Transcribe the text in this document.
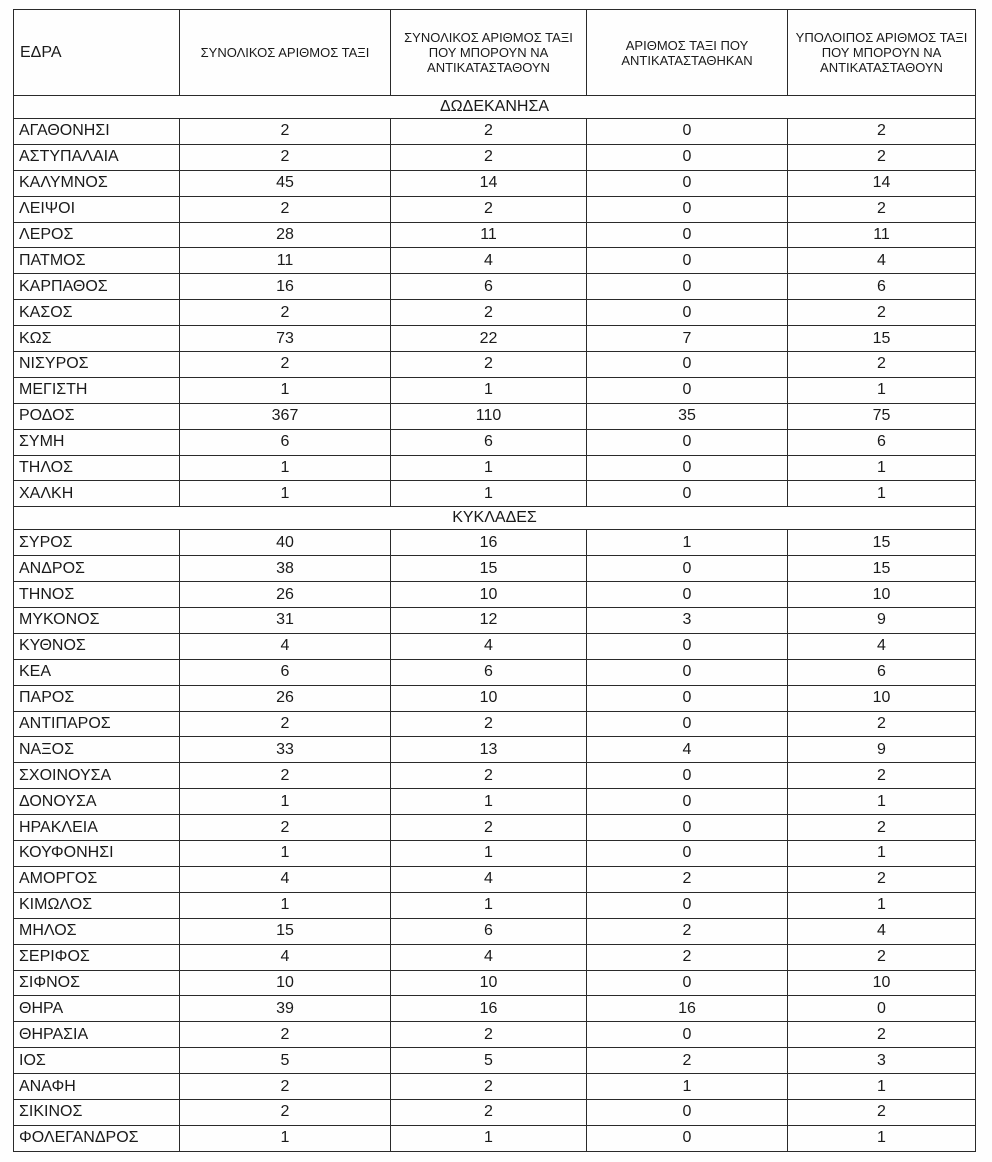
ΕΔΡΑ	ΣΥΝΟΛΙΚΟΣ ΑΡΙΘΜΟΣ ΤΑΞΙ	ΣΥΝΟΛΙΚΟΣ ΑΡΙΘΜΟΣ ΤΑΞΙ ΠΟΥ ΜΠΟΡΟΥΝ ΝΑ ΑΝΤΙΚΑΤΑΣΤΑΘΟΥΝ	ΑΡΙΘΜΟΣ ΤΑΞΙ ΠΟΥ ΑΝΤΙΚΑΤΑΣΤΑΘΗΚΑΝ	ΥΠΟΛΟΙΠΟΣ ΑΡΙΘΜΟΣ ΤΑΞΙ ΠΟΥ ΜΠΟΡΟΥΝ ΝΑ ΑΝΤΙΚΑΤΑΣΤΑΘΟΥΝ
ΔΩΔΕΚΑΝΗΣΑ				
ΑΓΑΘΟΝΗΣΙ	2	2	0	2
ΑΣΤΥΠΑΛΑΙΑ	2	2	0	2
ΚΑΛΥΜΝΟΣ	45	14	0	14
ΛΕΙΨΟΙ	2	2	0	2
ΛΕΡΟΣ	28	11	0	11
ΠΑΤΜΟΣ	11	4	0	4
ΚΑΡΠΑΘΟΣ	16	6	0	6
ΚΑΣΟΣ	2	2	0	2
ΚΩΣ	73	22	7	15
ΝΙΣΥΡΟΣ	2	2	0	2
ΜΕΓΙΣΤΗ	1	1	0	1
ΡΟΔΟΣ	367	110	35	75
ΣΥΜΗ	6	6	0	6
ΤΗΛΟΣ	1	1	0	1
ΧΑΛΚΗ	1	1	0	1
ΚΥΚΛΑΔΕΣ				
ΣΥΡΟΣ	40	16	1	15
ΑΝΔΡΟΣ	38	15	0	15
ΤΗΝΟΣ	26	10	0	10
ΜΥΚΟΝΟΣ	31	12	3	9
ΚΥΘΝΟΣ	4	4	0	4
ΚΕΑ	6	6	0	6
ΠΑΡΟΣ	26	10	0	10
ΑΝΤΙΠΑΡΟΣ	2	2	0	2
ΝΑΞΟΣ	33	13	4	9
ΣΧΟΙΝΟΥΣΑ	2	2	0	2
ΔΟΝΟΥΣΑ	1	1	0	1
ΗΡΑΚΛΕΙΑ	2	2	0	2
ΚΟΥΦΟΝΗΣΙ	1	1	0	1
ΑΜΟΡΓΟΣ	4	4	2	2
ΚΙΜΩΛΟΣ	1	1	0	1
ΜΗΛΟΣ	15	6	2	4
ΣΕΡΙΦΟΣ	4	4	2	2
ΣΙΦΝΟΣ	10	10	0	10
ΘΗΡΑ	39	16	16	0
ΘΗΡΑΣΙΑ	2	2	0	2
ΙΟΣ	5	5	2	3
ΑΝΑΦΗ	2	2	1	1
ΣΙΚΙΝΟΣ	2	2	0	2
ΦΟΛΕΓΑΝΔΡΟΣ	1	1	0	1
